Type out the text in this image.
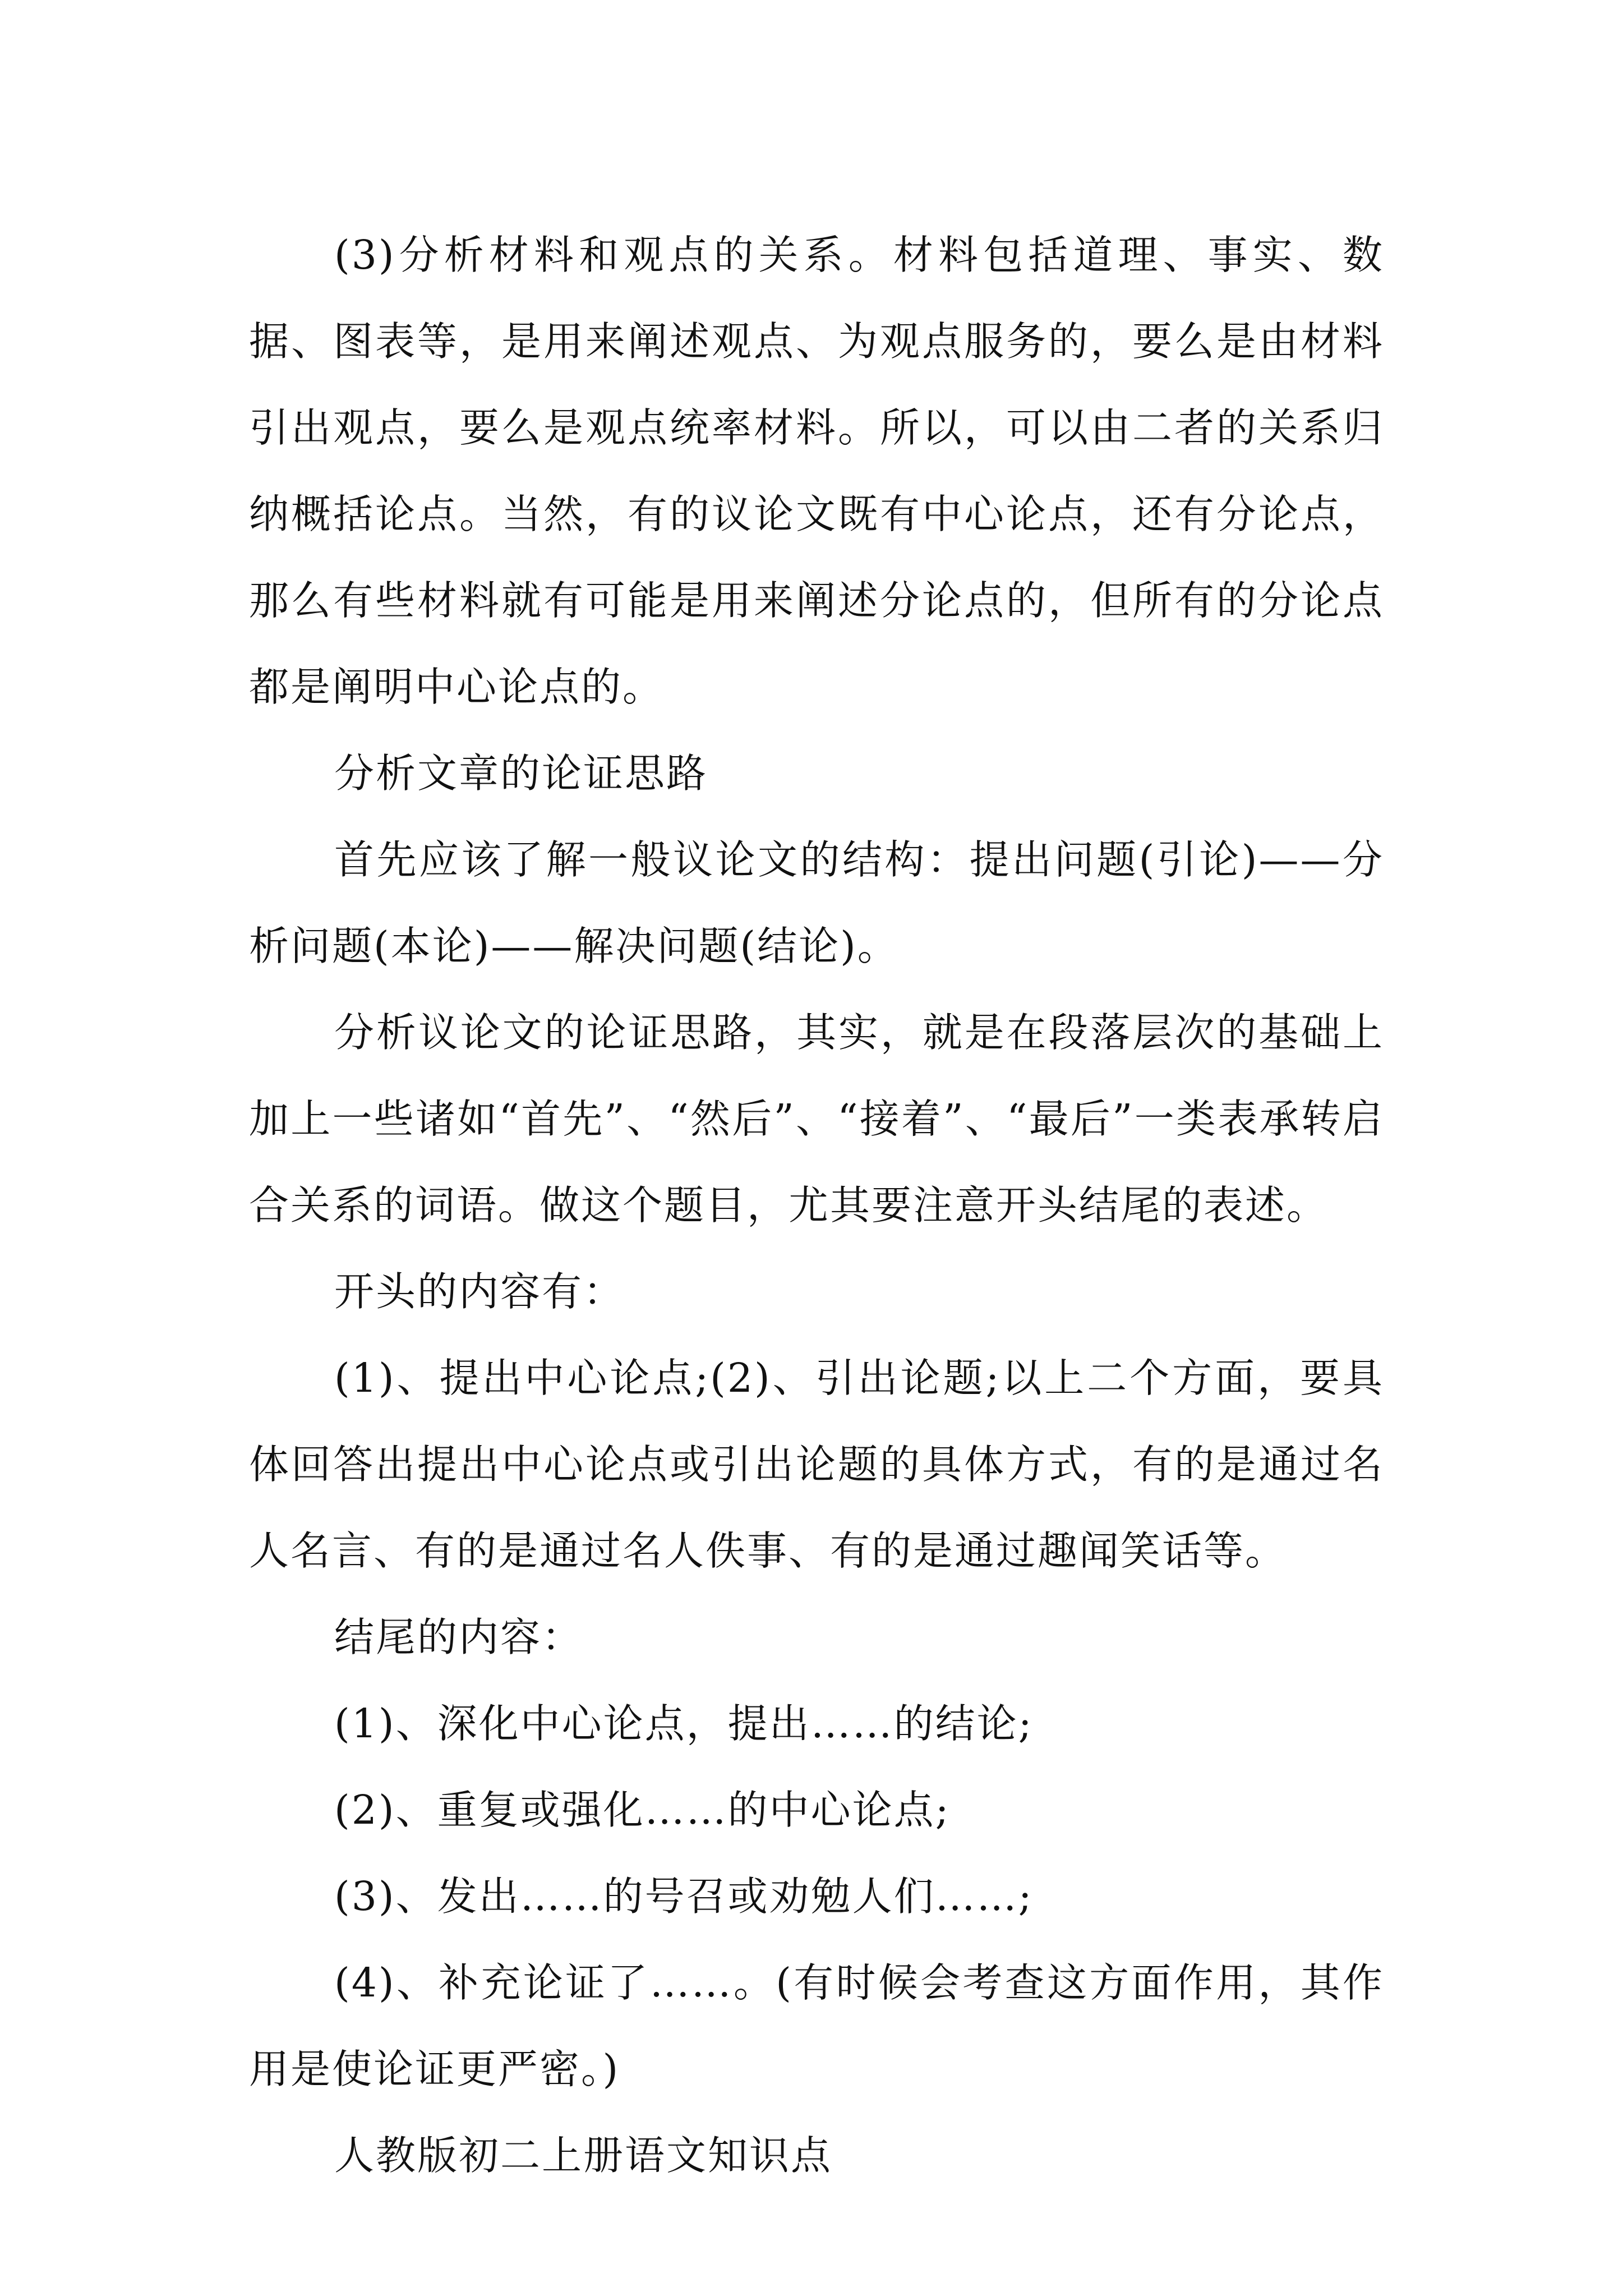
(3)分析材料和观点的关系。材料包括道理、事实、数据、图表等，是用来阐述观点、为观点服务的，要么是由材料引出观点，要么是观点统率材料。所以，可以由二者的关系归纳概括论点。当然，有的议论文既有中心论点，还有分论点，那么有些材料就有可能是用来阐述分论点的，但所有的分论点都是阐明中心论点的。

分析文章的论证思路

首先应该了解一般议论文的结构：提出问题(引论)——分析问题(本论)——解决问题(结论)。

分析议论文的论证思路，其实，就是在段落层次的基础上加上一些诸如“首先”、“然后”、“接着”、“最后”一类表承转启合关系的词语。做这个题目，尤其要注意开头结尾的表述。

开头的内容有：

(1)、提出中心论点;(2)、引出论题;以上二个方面，要具体回答出提出中心论点或引出论题的具体方式，有的是通过名人名言、有的是通过名人佚事、有的是通过趣闻笑话等。

结尾的内容：

(1)、深化中心论点，提出……的结论;

(2)、重复或强化……的中心论点;

(3)、发出……的号召或劝勉人们……;

(4)、补充论证了……。(有时候会考查这方面作用，其作用是使论证更严密。)

人教版初二上册语文知识点
